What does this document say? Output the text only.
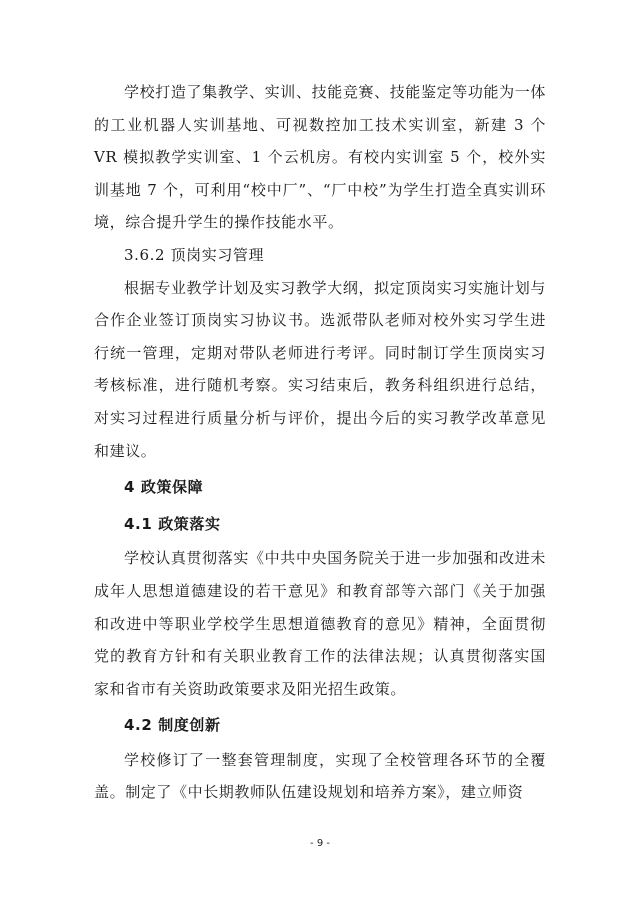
学校打造了集教学、实训、技能竞赛、技能鉴定等功能为一体的工业机器人实训基地、可视数控加工技术实训室，新建 3 个 VR 模拟教学实训室、1 个云机房。有校内实训室 5 个，校外实训基地 7 个，可利用“校中厂”、“厂中校”为学生打造全真实训环境，综合提升学生的操作技能水平。

3.6.2 顶岗实习管理

根据专业教学计划及实习教学大纲，拟定顶岗实习实施计划与合作企业签订顶岗实习协议书。选派带队老师对校外实习学生进行统一管理，定期对带队老师进行考评。同时制订学生顶岗实习考核标准，进行随机考察。实习结束后，教务科组织进行总结，对实习过程进行质量分析与评价，提出今后的实习教学改革意见和建议。

4 政策保障

4.1 政策落实

学校认真贯彻落实《中共中央国务院关于进一步加强和改进未成年人思想道德建设的若干意见》和教育部等六部门《关于加强和改进中等职业学校学生思想道德教育的意见》精神，全面贯彻党的教育方针和有关职业教育工作的法律法规；认真贯彻落实国家和省市有关资助政策要求及阳光招生政策。

4.2 制度创新

学校修订了一整套管理制度，实现了全校管理各环节的全覆盖。制定了《中长期教师队伍建设规划和培养方案》，建立师资

- 9 -
